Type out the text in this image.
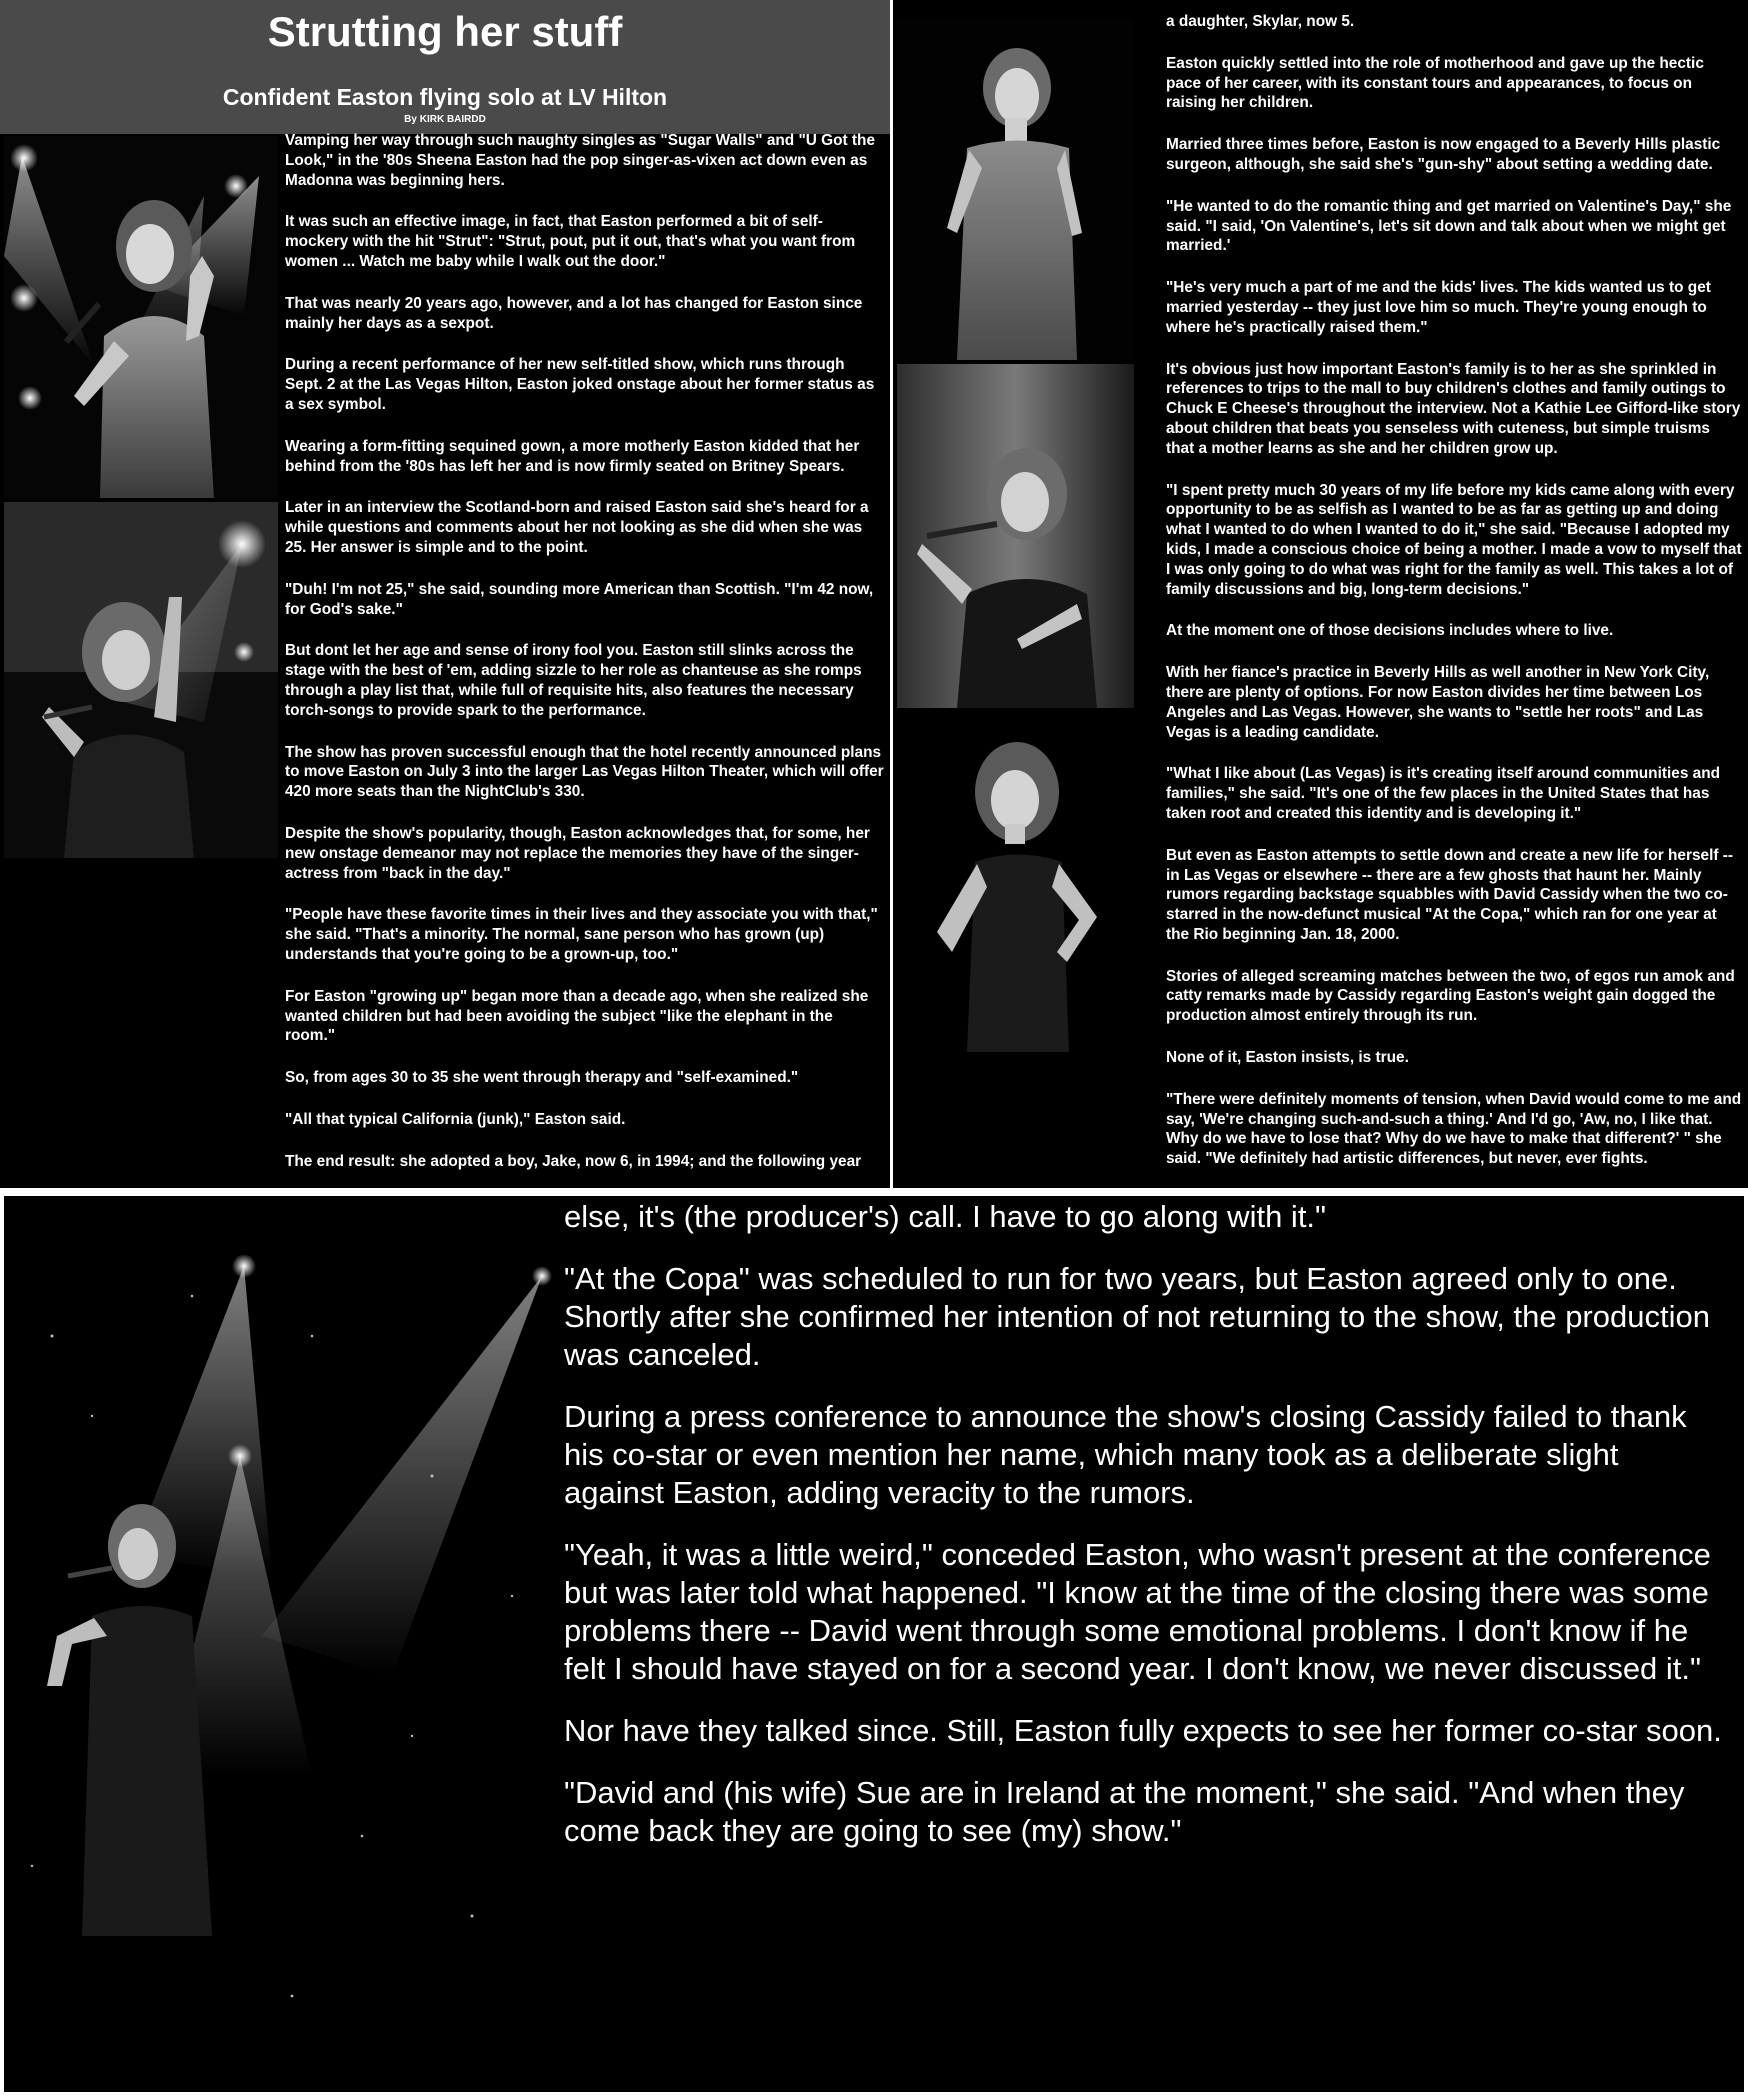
Strutting her stuff
Confident Easton flying solo at LV Hilton
By KIRK BAIRDD

Vamping her way through such naughty singles as "Sugar Walls" and "U Got the Look," in the '80s Sheena Easton had the pop singer-as-vixen act down even as Madonna was beginning hers.

It was such an effective image, in fact, that Easton performed a bit of self-mockery with the hit "Strut": "Strut, pout, put it out, that's what you want from women ... Watch me baby while I walk out the door."

That was nearly 20 years ago, however, and a lot has changed for Easton since mainly her days as a sexpot.

During a recent performance of her new self-titled show, which runs through Sept. 2 at the Las Vegas Hilton, Easton joked onstage about her former status as a sex symbol.

Wearing a form-fitting sequined gown, a more motherly Easton kidded that her behind from the '80s has left her and is now firmly seated on Britney Spears.

Later in an interview the Scotland-born and raised Easton said she's heard for a while questions and comments about her not looking as she did when she was 25. Her answer is simple and to the point.

"Duh! I'm not 25," she said, sounding more American than Scottish. "I'm 42 now, for God's sake."

But dont let her age and sense of irony fool you. Easton still slinks across the stage with the best of 'em, adding sizzle to her role as chanteuse as she romps through a play list that, while full of requisite hits, also features the necessary torch-songs to provide spark to the performance.

The show has proven successful enough that the hotel recently announced plans to move Easton on July 3 into the larger Las Vegas Hilton Theater, which will offer 420 more seats than the NightClub's 330.

Despite the show's popularity, though, Easton acknowledges that, for some, her new onstage demeanor may not replace the memories they have of the singer-actress from "back in the day."

"People have these favorite times in their lives and they associate you with that," she said. "That's a minority. The normal, sane person who has grown (up) understands that you're going to be a grown-up, too."

For Easton "growing up" began more than a decade ago, when she realized she wanted children but had been avoiding the subject "like the elephant in the room."

So, from ages 30 to 35 she went through therapy and "self-examined."

"All that typical California (junk)," Easton said.

The end result: she adopted a boy, Jake, now 6, in 1994; and the following year

a daughter, Skylar, now 5.

Easton quickly settled into the role of motherhood and gave up the hectic pace of her career, with its constant tours and appearances, to focus on raising her children.

Married three times before, Easton is now engaged to a Beverly Hills plastic surgeon, although, she said she's "gun-shy" about setting a wedding date.

"He wanted to do the romantic thing and get married on Valentine's Day," she said. "I said, 'On Valentine's, let's sit down and talk about when we might get married.'

"He's very much a part of me and the kids' lives. The kids wanted us to get married yesterday -- they just love him so much. They're young enough to where he's practically raised them."

It's obvious just how important Easton's family is to her as she sprinkled in references to trips to the mall to buy children's clothes and family outings to Chuck E Cheese's throughout the interview. Not a Kathie Lee Gifford-like story about children that beats you senseless with cuteness, but simple truisms that a mother learns as she and her children grow up.

"I spent pretty much 30 years of my life before my kids came along with every opportunity to be as selfish as I wanted to be as far as getting up and doing what I wanted to do when I wanted to do it," she said. "Because I adopted my kids, I made a conscious choice of being a mother. I made a vow to myself that I was only going to do what was right for the family as well. This takes a lot of family discussions and big, long-term decisions."

At the moment one of those decisions includes where to live.

With her fiance's practice in Beverly Hills as well another in New York City, there are plenty of options. For now Easton divides her time between Los Angeles and Las Vegas. However, she wants to "settle her roots" and Las Vegas is a leading candidate.

"What I like about (Las Vegas) is it's creating itself around communities and families," she said. "It's one of the few places in the United States that has taken root and created this identity and is developing it."

But even as Easton attempts to settle down and create a new life for herself -- in Las Vegas or elsewhere -- there are a few ghosts that haunt her. Mainly rumors regarding backstage squabbles with David Cassidy when the two co-starred in the now-defunct musical "At the Copa," which ran for one year at the Rio beginning Jan. 18, 2000.

Stories of alleged screaming matches between the two, of egos run amok and catty remarks made by Cassidy regarding Easton's weight gain dogged the production almost entirely through its run.

None of it, Easton insists, is true.

"There were definitely moments of tension, when David would come to me and say, 'We're changing such-and-such a thing.' And I'd go, 'Aw, no, I like that. Why do we have to lose that? Why do we have to make that different?' " she said. "We definitely had artistic differences, but never, ever fights.

else, it's (the producer's) call. I have to go along with it."

"At the Copa" was scheduled to run for two years, but Easton agreed only to one. Shortly after she confirmed her intention of not returning to the show, the production was canceled.

During a press conference to announce the show's closing Cassidy failed to thank his co-star or even mention her name, which many took as a deliberate slight against Easton, adding veracity to the rumors.

"Yeah, it was a little weird," conceded Easton, who wasn't present at the conference but was later told what happened. "I know at the time of the closing there was some problems there -- David went through some emotional problems. I don't know if he felt I should have stayed on for a second year. I don't know, we never discussed it."

Nor have they talked since. Still, Easton fully expects to see her former co-star soon.

"David and (his wife) Sue are in Ireland at the moment," she said. "And when they come back they are going to see (my) show."
